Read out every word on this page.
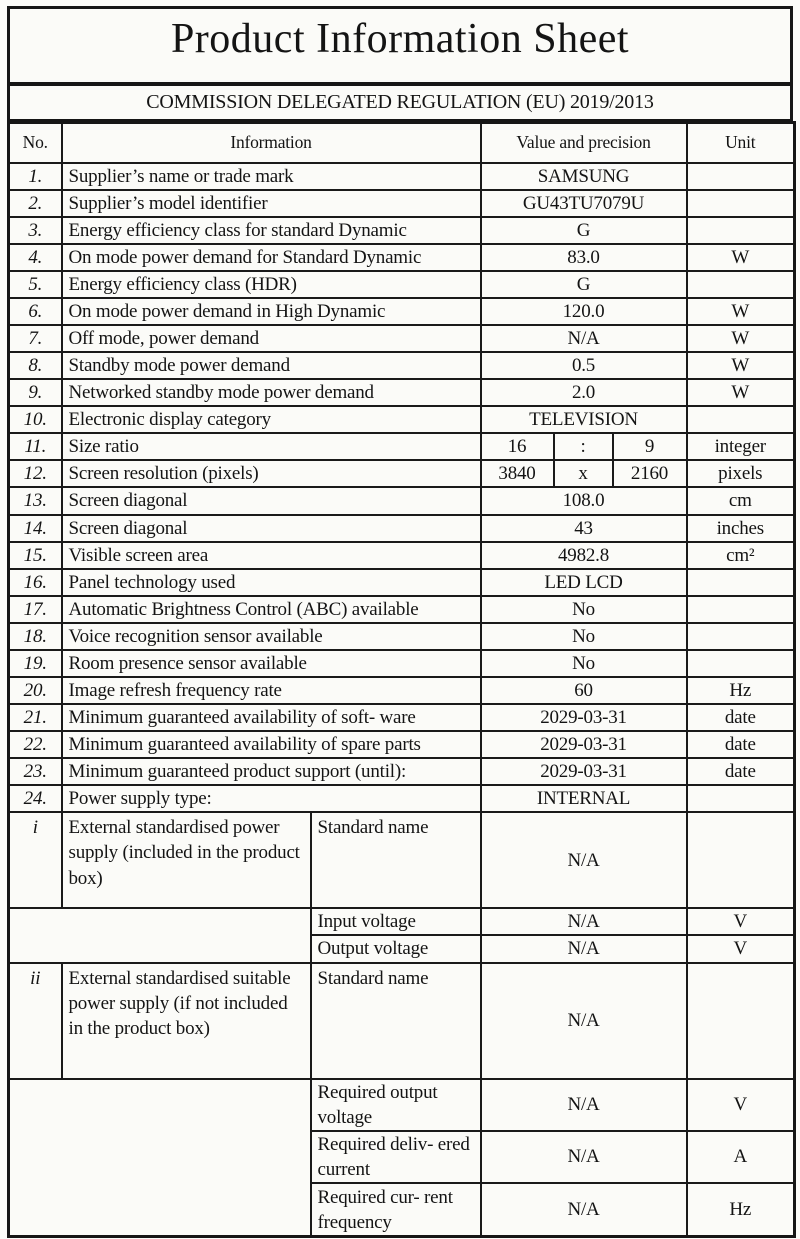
Product Information Sheet
COMMISSION DELEGATED REGULATION (EU) 2019/2013
No.	Information		Value and precision			Unit
1.	Supplier’s name or trade mark		SAMSUNG			
2.	Supplier’s model identifier		GU43TU7079U			
3.	Energy efficiency class for standard Dynamic		G			
4.	On mode power demand for Standard Dynamic		83.0			W
5.	Energy efficiency class (HDR)		G			
6.	On mode power demand in High Dynamic		120.0			W
7.	Off mode, power demand		N/A			W
8.	Standby mode power demand		0.5			W
9.	Networked standby mode power demand		2.0			W
10.	Electronic display category		TELEVISION			
11.	Size ratio		16	:	9	integer
12.	Screen resolution (pixels)		3840	x	2160	pixels
13.	Screen diagonal		108.0			cm
14.	Screen diagonal		43			inches
15.	Visible screen area		4982.8			cm²
16.	Panel technology used		LED LCD			
17.	Automatic Brightness Control (ABC) available		No			
18.	Voice recognition sensor available		No			
19.	Room presence sensor available		No			
20.	Image refresh frequency rate		60			Hz
21.	Minimum guaranteed availability of soft- ware		2029-03-31			date
22.	Minimum guaranteed availability of spare parts		2029-03-31			date
23.	Minimum guaranteed product support (until):		2029-03-31			date
24.	Power supply type:		INTERNAL			
i	External standardised power supply (included in the product box)	Standard name	N/A			
		Input voltage	N/A			V
		Output voltage	N/A			V
ii	External standardised suitable power supply (if not included in the product box)	Standard name	N/A			
		Required output voltage	N/A			V
		Required deliv- ered current	N/A			A
		Required cur- rent frequency	N/A			Hz
